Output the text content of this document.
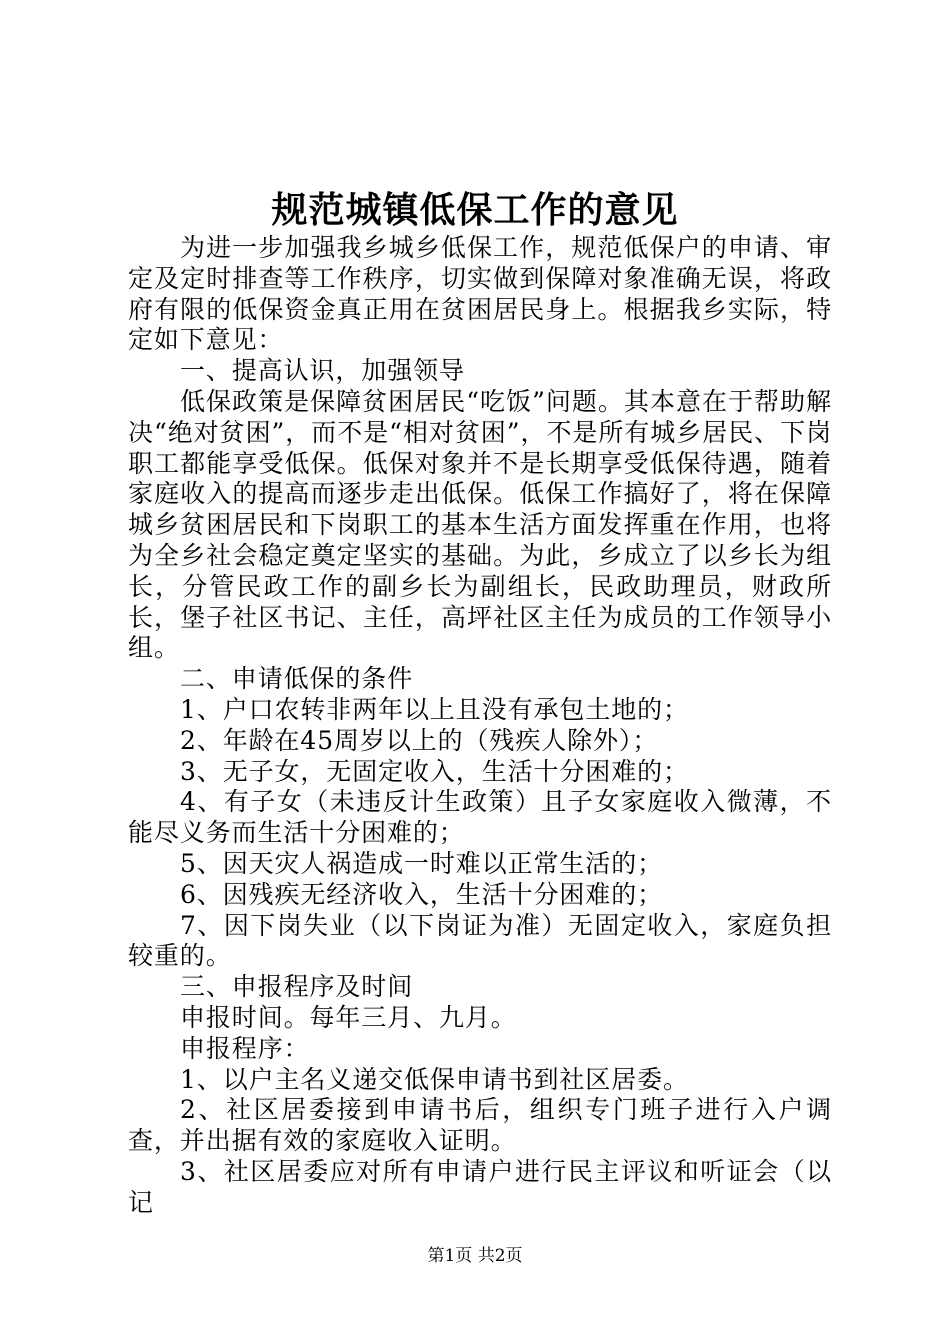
规范城镇低保工作的意见

为进一步加强我乡城乡低保工作，规范低保户的申请、审定及定时排查等工作秩序，切实做到保障对象准确无误，将政府有限的低保资金真正用在贫困居民身上。根据我乡实际，特定如下意见：

一、提高认识，加强领导

低保政策是保障贫困居民“吃饭”问题。其本意在于帮助解决“绝对贫困”，而不是“相对贫困”，不是所有城乡居民、下岗职工都能享受低保。低保对象并不是长期享受低保待遇，随着家庭收入的提高而逐步走出低保。低保工作搞好了，将在保障城乡贫困居民和下岗职工的基本生活方面发挥重在作用，也将为全乡社会稳定奠定坚实的基础。为此，乡成立了以乡长为组长，分管民政工作的副乡长为副组长，民政助理员，财政所长，堡子社区书记、主任，高坪社区主任为成员的工作领导小组。

二、申请低保的条件

1、户口农转非两年以上且没有承包土地的；

2、年龄在45周岁以上的（残疾人除外）；

3、无子女，无固定收入，生活十分困难的；

4、有子女（未违反计生政策）且子女家庭收入微薄，不能尽义务而生活十分困难的；

5、因天灾人祸造成一时难以正常生活的；

6、因残疾无经济收入，生活十分困难的；

7、因下岗失业（以下岗证为准）无固定收入，家庭负担较重的。

三、申报程序及时间

申报时间。每年三月、九月。

申报程序：

1、以户主名义递交低保申请书到社区居委。

2、社区居委接到申请书后，组织专门班子进行入户调查，并出据有效的家庭收入证明。

3、社区居委应对所有申请户进行民主评议和听证会（以记

第1页 共2页
